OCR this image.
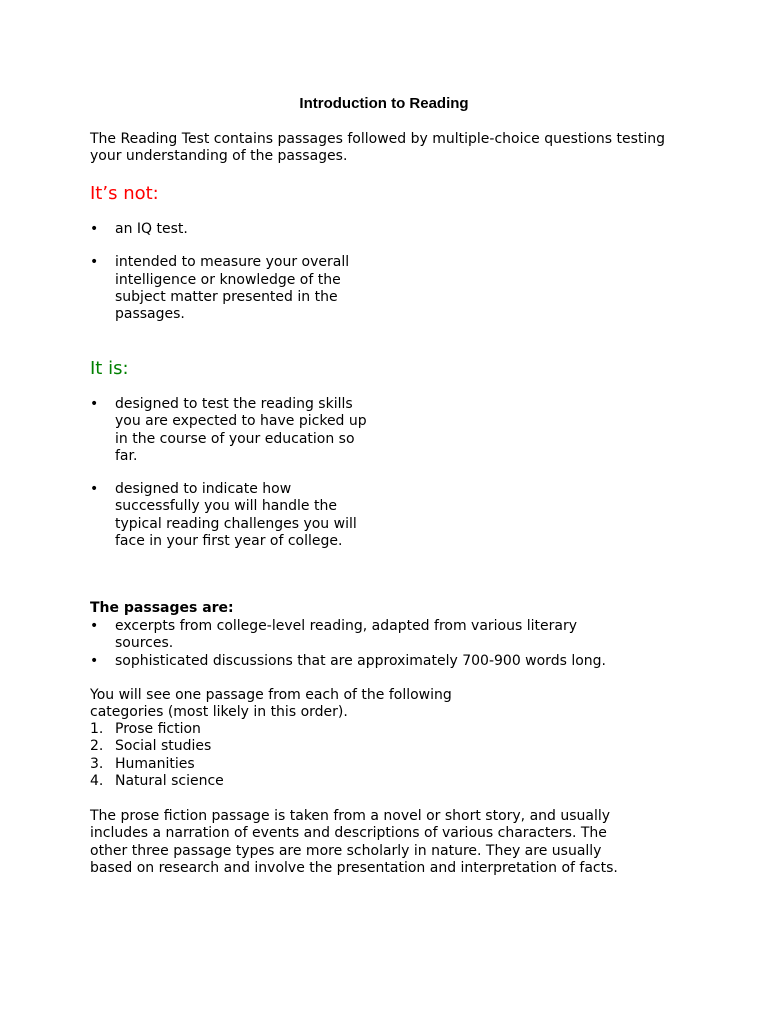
Introduction to Reading

The Reading Test contains passages followed by multiple-choice questions testing your understanding of the passages.

It’s not:
• an IQ test.
• intended to measure your overall intelligence or knowledge of the subject matter presented in the passages.
It is:
• designed to test the reading skills you are expected to have picked up in the course of your education so far.
• designed to indicate how successfully you will handle the typical reading challenges you will face in your first year of college.
The passages are:
• excerpts from college-level reading, adapted from various literary sources.
• sophisticated discussions that are approximately 700-900 words long.

You will see one passage from each of the following categories (most likely in this order).

1. Prose fiction
2. Social studies
3. Humanities
4. Natural science

The prose fiction passage is taken from a novel or short story, and usually includes a narration of events and descriptions of various characters. The other three passage types are more scholarly in nature. They are usually based on research and involve the presentation and interpretation of facts.
